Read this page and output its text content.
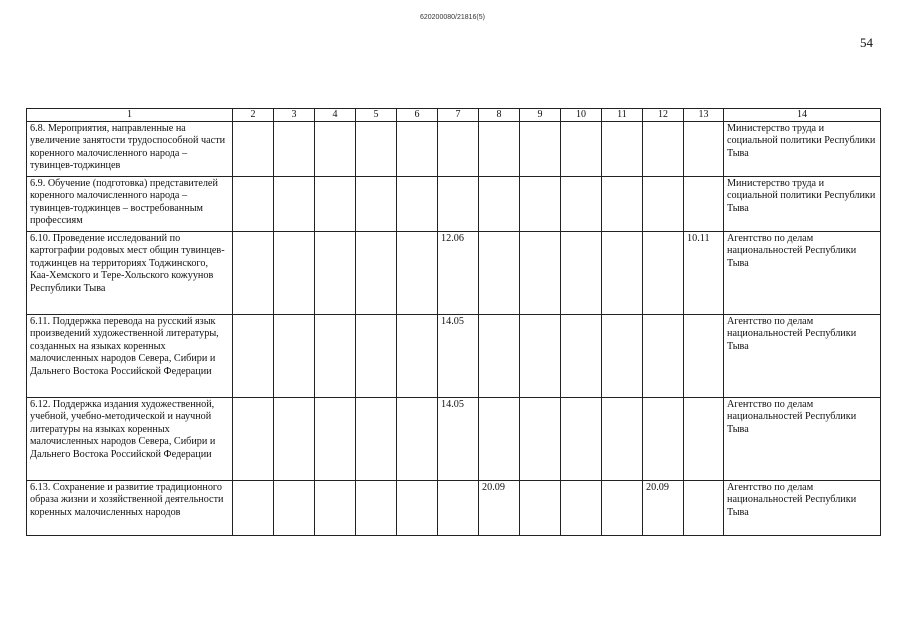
620200080/21816(5)
54
1	2	3	4	5	6	7	8	9	10	11	12	13	14
6.8. Мероприятия, направленные на увеличение занятости трудоспособной части коренного малочисленного народа – тувинцев-тоджинцев													Министерство труда и социальной политики Республики Тыва
6.9. Обучение (подготовка) представителей коренного малочисленного народа – тувинцев-тоджинцев – востребованным профессиям													Министерство труда и социальной политики Республики Тыва
6.10. Проведение исследований по картографии родовых мест общин тувинцев-тоджинцев на территориях Тоджинского, Каа-Хемского и Тере-Хольского кожуунов Республики Тыва						12.06						10.11	Агентство по делам национальностей Республики Тыва
6.11. Поддержка перевода на русский язык произведений художественной литературы, созданных на языках коренных малочисленных народов Севера, Сибири и Дальнего Востока Российской Федерации						14.05							Агентство по делам национальностей Республики Тыва
6.12. Поддержка издания художественной, учебной, учебно-методической и научной литературы на языках коренных малочисленных народов Севера, Сибири и Дальнего Востока Российской Федерации						14.05							Агентство по делам национальностей Республики Тыва
6.13. Сохранение и развитие традиционного образа жизни и хозяйственной деятельности коренных малочисленных народов							20.09				20.09		Агентство по делам национальностей Республики Тыва
